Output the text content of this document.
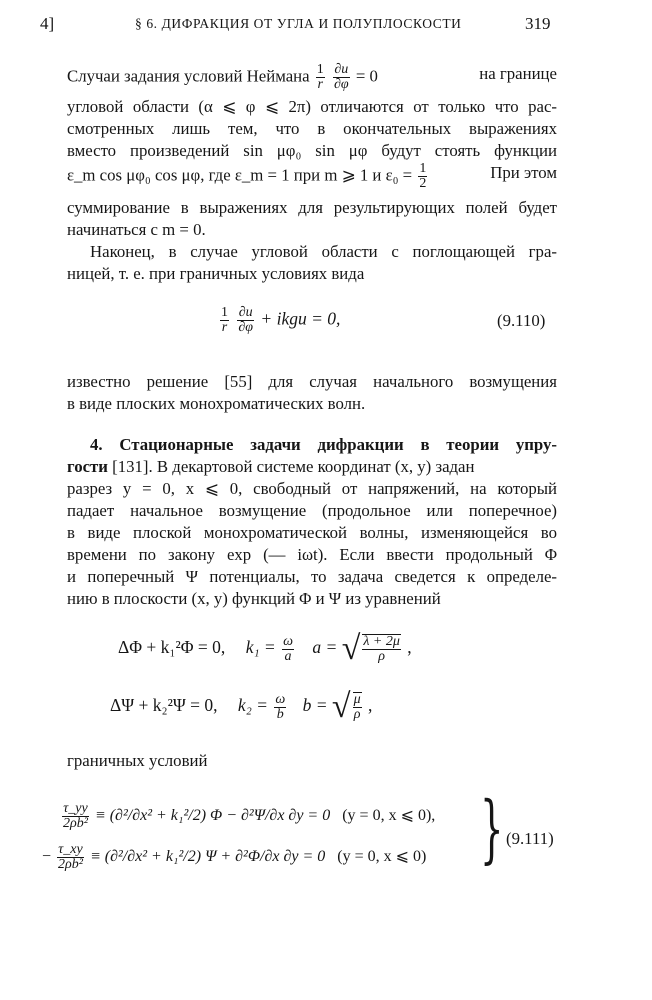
4]	§ 6. ДИФРАКЦИЯ ОТ УГЛА И ПОЛУПЛОСКОСТИ	319
Случаи задания условий Неймана $\frac{1}{r}$
$\frac{\partial u}{\partial\varphi} = 0$	на границе
угловой области (α ⩽ φ ⩽ 2π) отличаются от только что рас-
смотренных лишь тем, что в окончательных выражениях
вместо произведений sin μφ₀ sin μφ будут стоять функции
ε_m cos μφ₀ cos μφ, где ε_m = 1 при m ⩾ 1 и $\varepsilon_0 = \frac{1}{2}$	При этом
суммирование в выражениях для результирующих полей будет
начинаться с m = 0.
Наконец, в случае угловой области с поглощающей гра-
ницей, т. е. при граничных условиях вида
$\frac{1}{r}$
$\frac{\partial u}{\partial\varphi}$ + ikgu = 0,	(9.110)
известно решение [55] для случая начального возмущения
в виде плоских монохроматических волн.
4. Стационарные задачи дифракции в теории упру-
гости [131]. В декартовой системе координат (x, y) задан
разрез y = 0, x ⩽ 0, свободный от напряжений, на который
падает начальное возмущение (продольное или поперечное)
в виде плоской монохроматической волны, изменяющейся во
времени по закону exp (— iωt). Если ввести продольный Φ
и поперечный Ψ потенциалы, то задача сведется к определе-
нию в плоскости (x, y) функций Φ и Ψ из уравнений
ΔΦ + k₁²Φ = 0, $k_1 = \frac{\omega}{a}$ a = √ $\frac{\lambda + 2\mu}{\rho}$ ,
ΔΨ + k₂²Ψ = 0, $k_2 = \frac{\omega}{b}$ b = √ $\frac{\mu}{\rho}$ ,
граничных условий
$\frac{\tau\_yy}{\text{2ρb²}} \equiv (\partial^2/\partial x^2 + k_1^2/2) \Phi - \partial^2\Psi/\partial x$ ∂y = 0 (y = 0, x ⩽ 0),
− $\frac{\tau\_xy}{\text{2ρb²}} \equiv (\partial^2/\partial x^2 + k_1^2/2) \Psi + \partial^2\Phi/\partial x$ ∂y = 0 (y = 0, x ⩽ 0) } (9.111)
